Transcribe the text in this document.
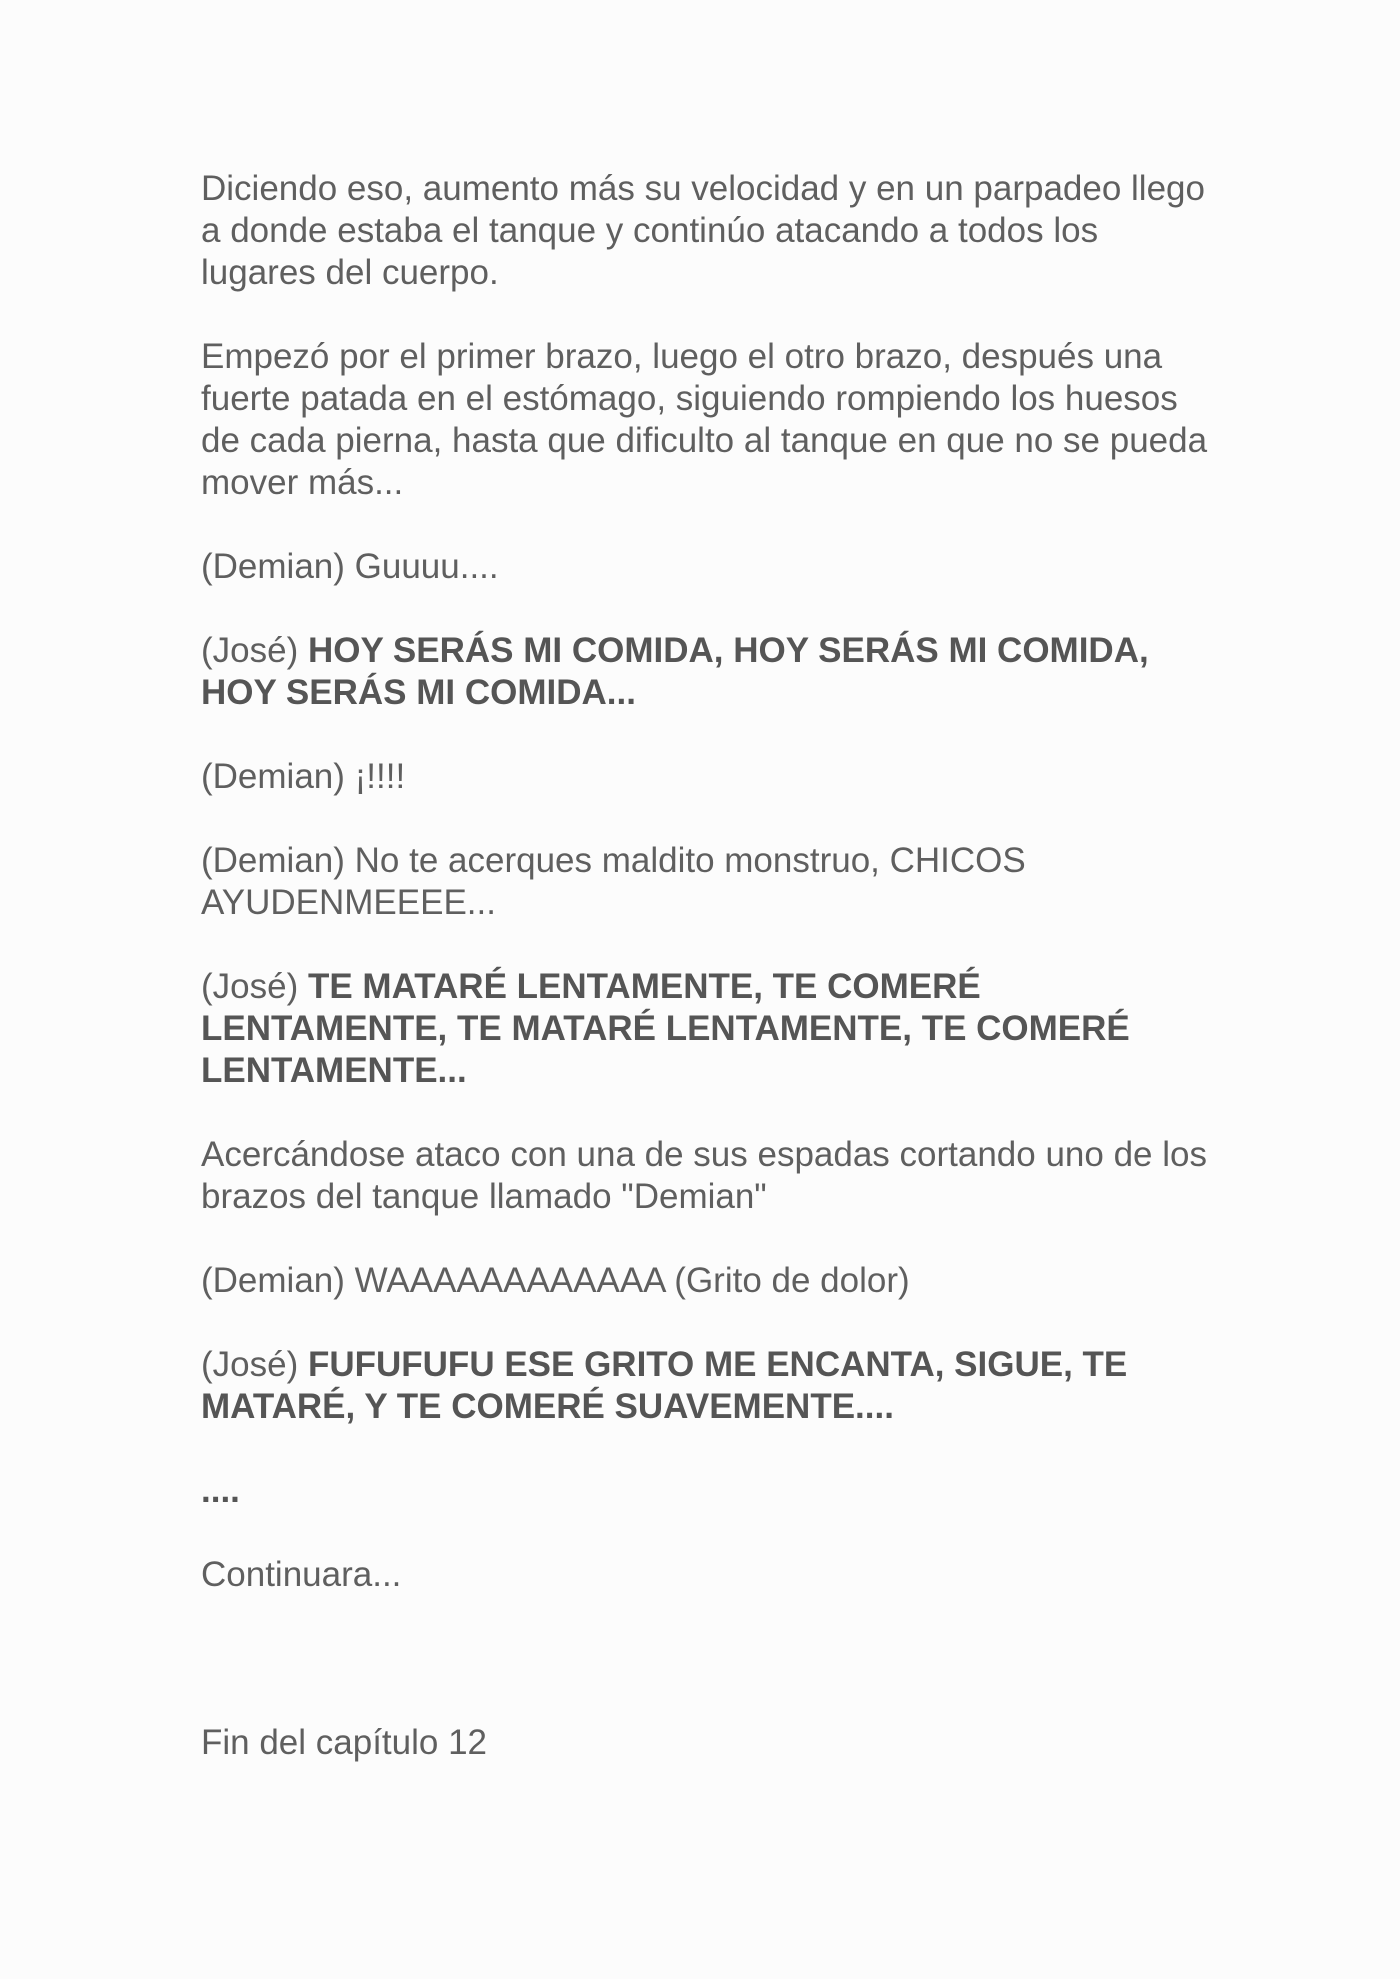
Diciendo eso, aumento más su velocidad y en un parpadeo llego a donde estaba el tanque y continúo atacando a todos los lugares del cuerpo.

Empezó por el primer brazo, luego el otro brazo, después una fuerte patada en el estómago, siguiendo rompiendo los huesos de cada pierna, hasta que dificulto al tanque en que no se pueda mover más...

(Demian) Guuuu....

(José) HOY SERÁS MI COMIDA, HOY SERÁS MI COMIDA, HOY SERÁS MI COMIDA...

(Demian) ¡!!!!

(Demian) No te acerques maldito monstruo, CHICOS AYUDENMEEEE...

(José) TE MATARÉ LENTAMENTE, TE COMERÉ LENTAMENTE, TE MATARÉ LENTAMENTE, TE COMERÉ LENTAMENTE...

Acercándose ataco con una de sus espadas cortando uno de los brazos del tanque llamado "Demian"

(Demian) WAAAAAAAAAAAA (Grito de dolor)

(José) FUFUFUFU ESE GRITO ME ENCANTA, SIGUE, TE MATARÉ, Y TE COMERÉ SUAVEMENTE....

....

Continuara...

Fin del capítulo 12
